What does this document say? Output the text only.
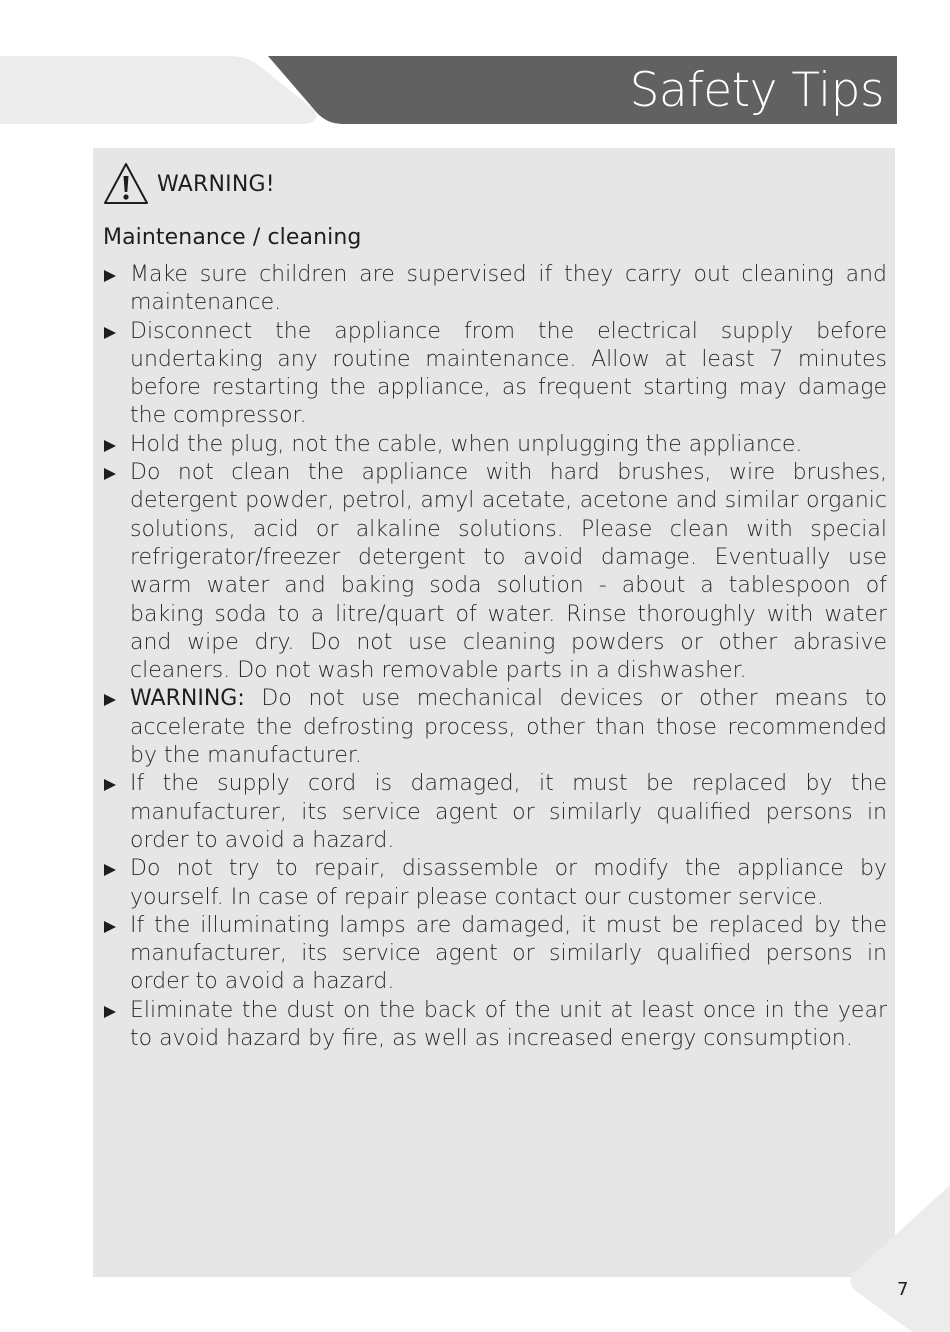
Safety Tips
WARNING!
Maintenance / cleaning
Make sure children are supervised if they carry out cleaning and maintenance.
Disconnect the appliance from the electrical supply before undertaking any routine maintenance. Allow at least 7 minutes before restarting the appliance, as frequent starting may damage the compressor.
Hold the plug, not the cable, when unplugging the appliance.
Do not clean the appliance with hard brushes, wire brushes, detergent powder, petrol, amyl acetate, acetone and similar organic solutions, acid or alkaline solutions. Please clean with special refrigerator/freezer detergent to avoid damage. Eventually use warm water and baking soda solution - about a tablespoon of baking soda to a litre/quart of water. Rinse thoroughly with water and wipe dry. Do not use cleaning powders or other abrasive cleaners. Do not wash removable parts in a dishwasher.
WARNING: Do not use mechanical devices or other means to accelerate the defrosting process, other than those recommended by the manufacturer.
If the supply cord is damaged, it must be replaced by the manufacturer, its service agent or similarly qualified persons in order to avoid a hazard.
Do not try to repair, disassemble or modify the appliance by yourself. In case of repair please contact our customer service.
If the illuminating lamps are damaged, it must be replaced by the manufacturer, its service agent or similarly qualified persons in order to avoid a hazard.
Eliminate the dust on the back of the unit at least once in the year to avoid hazard by fire, as well as increased energy consumption.
7
